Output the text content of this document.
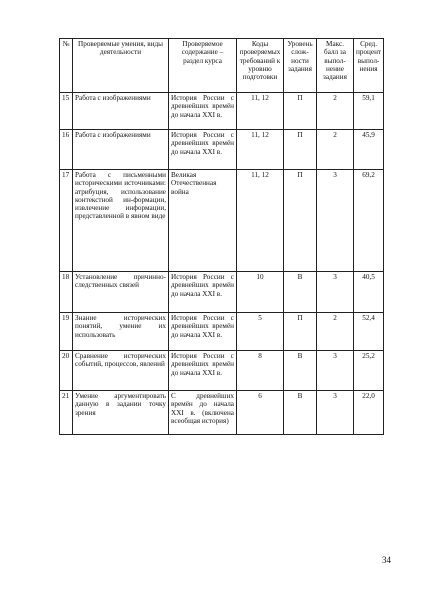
№	Проверяемые умения, виды деятельности	Проверяемое содержание – раздел курса	Коды проверяемых требований к уровню подготовки	Уровень слож-ности задания	Макс. балл за выпол-нение задания	Сред. процент выпол-нения
15	Работа с изображениями	История России с древнейших времён до начала XXI в.	11, 12	П	2	59,1
16	Работа с изображениями	История России с древнейших времён до начала XXI в.	11, 12	П	2	45,9
17	Работа с письменными историческими источниками: атрибуция, использование контекстной ин-формации, извлечение информации, представленной в явном виде	Великая Отечественная война	11, 12	П	3	69,2
18	Установление причинно-следственных связей	История России с древнейших времён до начала XXI в.	10	В	3	40,5
19	Знание исторических понятий, умение их использовать	История России с древнейших времён до начала XXI в.	5	П	2	52,4
20	Сравнение исторических событий, процессов, явлений	История России с древнейших времён до начала XXI в.	8	В	3	25,2
21	Умение аргументировать данную в задании точку зрения	С древнейших времён до начала XXI в. (включена всеобщая история)	6	В	3	22,0
34
